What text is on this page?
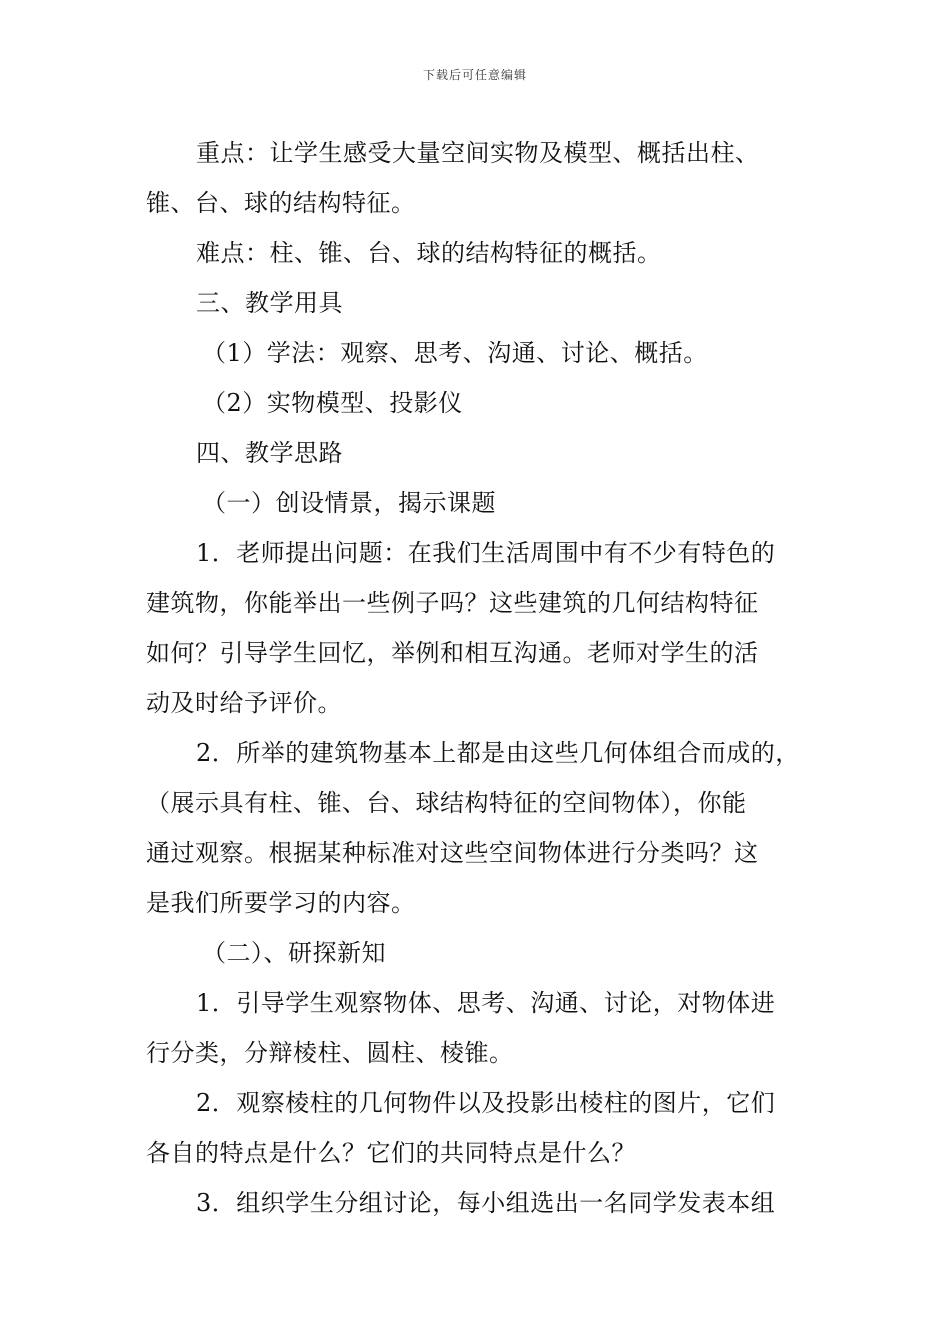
下载后可任意编辑
重点：让学生感受大量空间实物及模型、概括出柱、
锥、台、球的结构特征。
难点：柱、锥、台、球的结构特征的概括。
三、教学用具
（1）学法：观察、思考、沟通、讨论、概括。
（2）实物模型、投影仪
四、教学思路
（一）创设情景，揭示课题
1．老师提出问题：在我们生活周围中有不少有特色的
建筑物，你能举出一些例子吗？这些建筑的几何结构特征
如何？引导学生回忆，举例和相互沟通。老师对学生的活
动及时给予评价。
2．所举的建筑物基本上都是由这些几何体组合而成的，
（展示具有柱、锥、台、球结构特征的空间物体），你能
通过观察。根据某种标准对这些空间物体进行分类吗？这
是我们所要学习的内容。
（二）、研探新知
1．引导学生观察物体、思考、沟通、讨论，对物体进
行分类，分辩棱柱、圆柱、棱锥。
2．观察棱柱的几何物件以及投影出棱柱的图片，它们
各自的特点是什么？它们的共同特点是什么？
3．组织学生分组讨论，每小组选出一名同学发表本组
